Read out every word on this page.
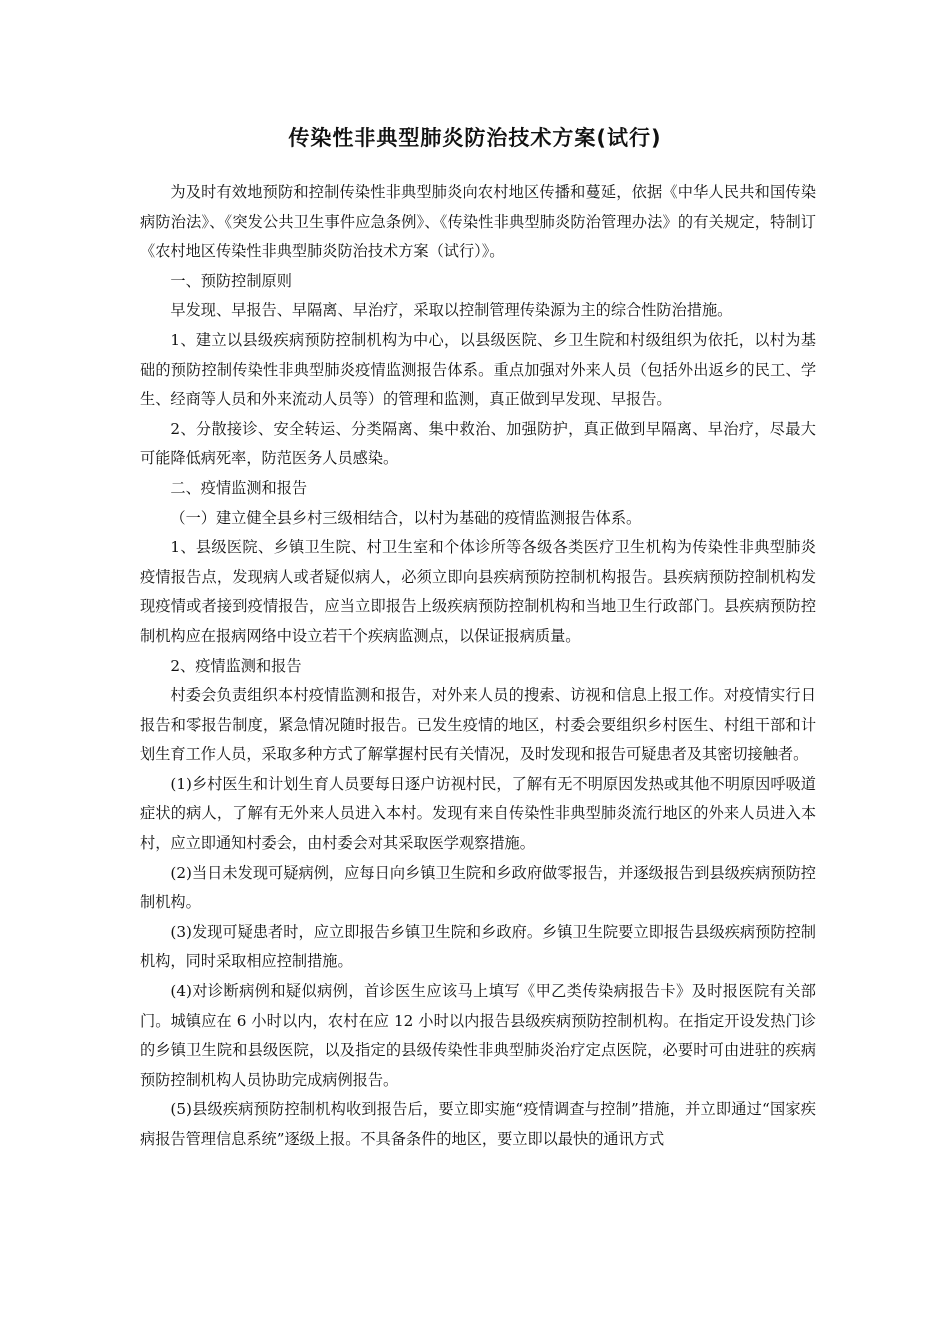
传染性非典型肺炎防治技术方案(试行)

为及时有效地预防和控制传染性非典型肺炎向农村地区传播和蔓延，依据《中华人民共和国传染病防治法》、《突发公共卫生事件应急条例》、《传染性非典型肺炎防治管理办法》的有关规定，特制订《农村地区传染性非典型肺炎防治技术方案（试行）》。

一、预防控制原则

早发现、早报告、早隔离、早治疗，采取以控制管理传染源为主的综合性防治措施。

1、建立以县级疾病预防控制机构为中心，以县级医院、乡卫生院和村级组织为依托，以村为基础的预防控制传染性非典型肺炎疫情监测报告体系。重点加强对外来人员（包括外出返乡的民工、学生、经商等人员和外来流动人员等）的管理和监测，真正做到早发现、早报告。

2、分散接诊、安全转运、分类隔离、集中救治、加强防护，真正做到早隔离、早治疗，尽最大可能降低病死率，防范医务人员感染。

二、疫情监测和报告

（一）建立健全县乡村三级相结合，以村为基础的疫情监测报告体系。

1、县级医院、乡镇卫生院、村卫生室和个体诊所等各级各类医疗卫生机构为传染性非典型肺炎疫情报告点，发现病人或者疑似病人，必须立即向县疾病预防控制机构报告。县疾病预防控制机构发现疫情或者接到疫情报告，应当立即报告上级疾病预防控制机构和当地卫生行政部门。县疾病预防控制机构应在报病网络中设立若干个疾病监测点，以保证报病质量。

2、疫情监测和报告

村委会负责组织本村疫情监测和报告，对外来人员的搜索、访视和信息上报工作。对疫情实行日报告和零报告制度，紧急情况随时报告。已发生疫情的地区，村委会要组织乡村医生、村组干部和计划生育工作人员，采取多种方式了解掌握村民有关情况，及时发现和报告可疑患者及其密切接触者。

(1)乡村医生和计划生育人员要每日逐户访视村民，了解有无不明原因发热或其他不明原因呼吸道症状的病人，了解有无外来人员进入本村。发现有来自传染性非典型肺炎流行地区的外来人员进入本村，应立即通知村委会，由村委会对其采取医学观察措施。

(2)当日未发现可疑病例，应每日向乡镇卫生院和乡政府做零报告，并逐级报告到县级疾病预防控制机构。

(3)发现可疑患者时，应立即报告乡镇卫生院和乡政府。乡镇卫生院要立即报告县级疾病预防控制机构，同时采取相应控制措施。

(4)对诊断病例和疑似病例，首诊医生应该马上填写《甲乙类传染病报告卡》及时报医院有关部门。城镇应在 6 小时以内，农村在应 12 小时以内报告县级疾病预防控制机构。在指定开设发热门诊的乡镇卫生院和县级医院，以及指定的县级传染性非典型肺炎治疗定点医院，必要时可由进驻的疾病预防控制机构人员协助完成病例报告。

(5)县级疾病预防控制机构收到报告后，要立即实施“疫情调查与控制”措施，并立即通过“国家疾病报告管理信息系统”逐级上报。不具备条件的地区，要立即以最快的通讯方式
